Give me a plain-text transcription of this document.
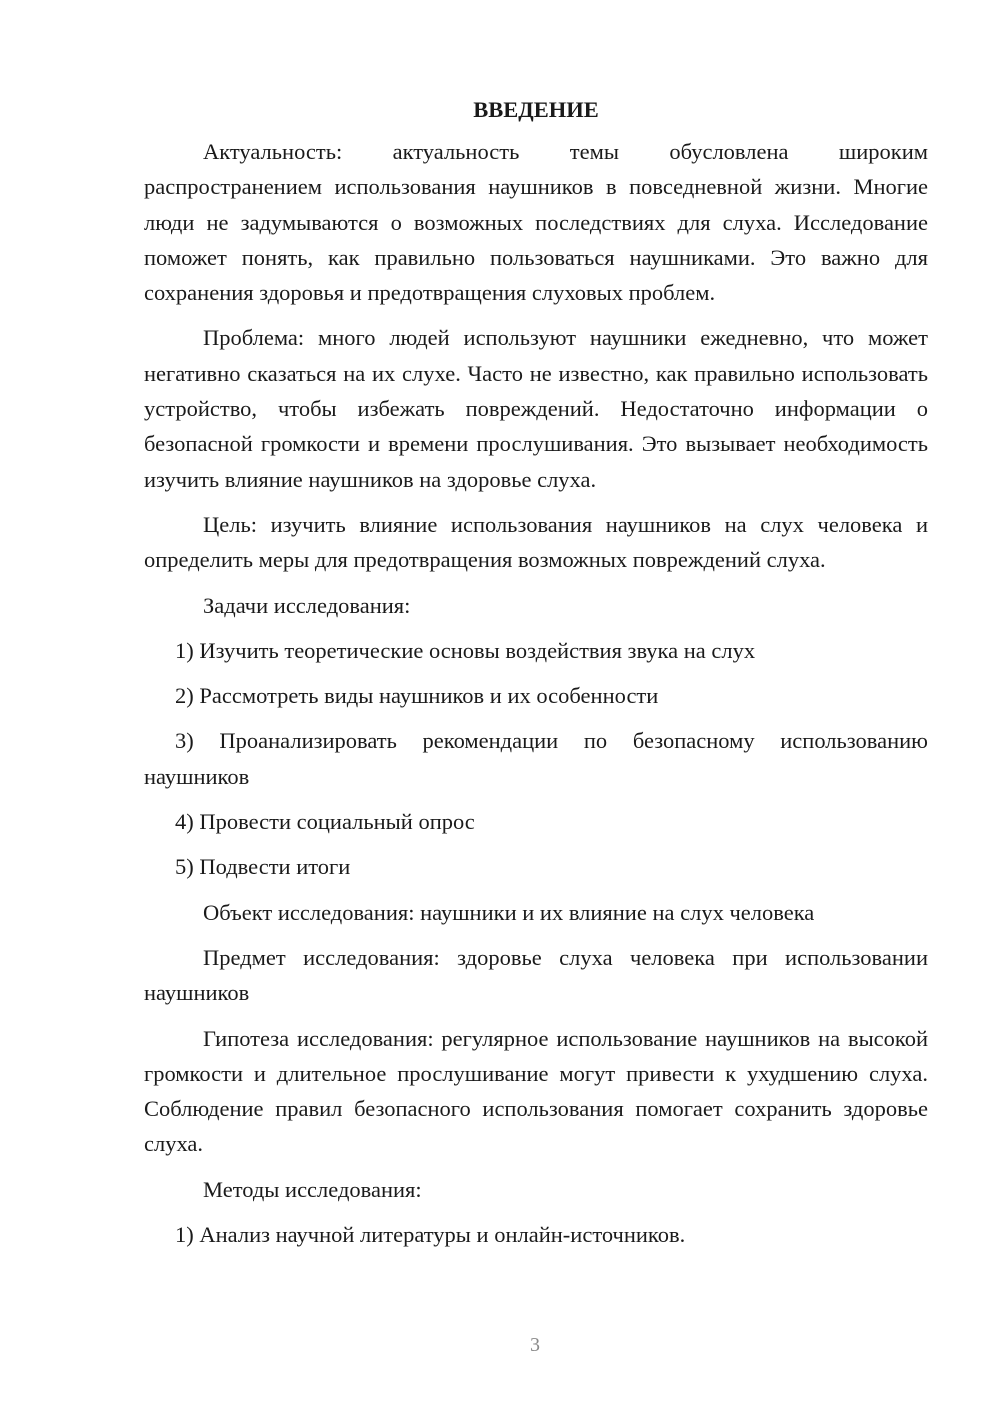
ВВЕДЕНИЕ

Актуальность: актуальность темы обусловлена широким распространением использования наушников в повседневной жизни. Многие люди не задумываются о возможных последствиях для слуха. Исследование поможет понять, как правильно пользоваться наушниками. Это важно для сохранения здоровья и предотвращения слуховых проблем.

Проблема: много людей используют наушники ежедневно, что может негативно сказаться на их слухе. Часто не известно, как правильно использовать устройство, чтобы избежать повреждений. Недостаточно информации о безопасной громкости и времени прослушивания. Это вызывает необходимость изучить влияние наушников на здоровье слуха.

Цель: изучить влияние использования наушников на слух человека и определить меры для предотвращения возможных повреждений слуха.

Задачи исследования:

1) Изучить теоретические основы воздействия звука на слух

2) Рассмотреть виды наушников и их особенности

3) Проанализировать рекомендации по безопасному использованию наушников

4) Провести социальный опрос

5) Подвести итоги

Объект исследования: наушники и их влияние на слух человека

Предмет исследования: здоровье слуха человека при использовании наушников

Гипотеза исследования: регулярное использование наушников на высокой громкости и длительное прослушивание могут привести к ухудшению слуха. Соблюдение правил безопасного использования помогает сохранить здоровье слуха.

Методы исследования:

1) Анализ научной литературы и онлайн-источников.

3
